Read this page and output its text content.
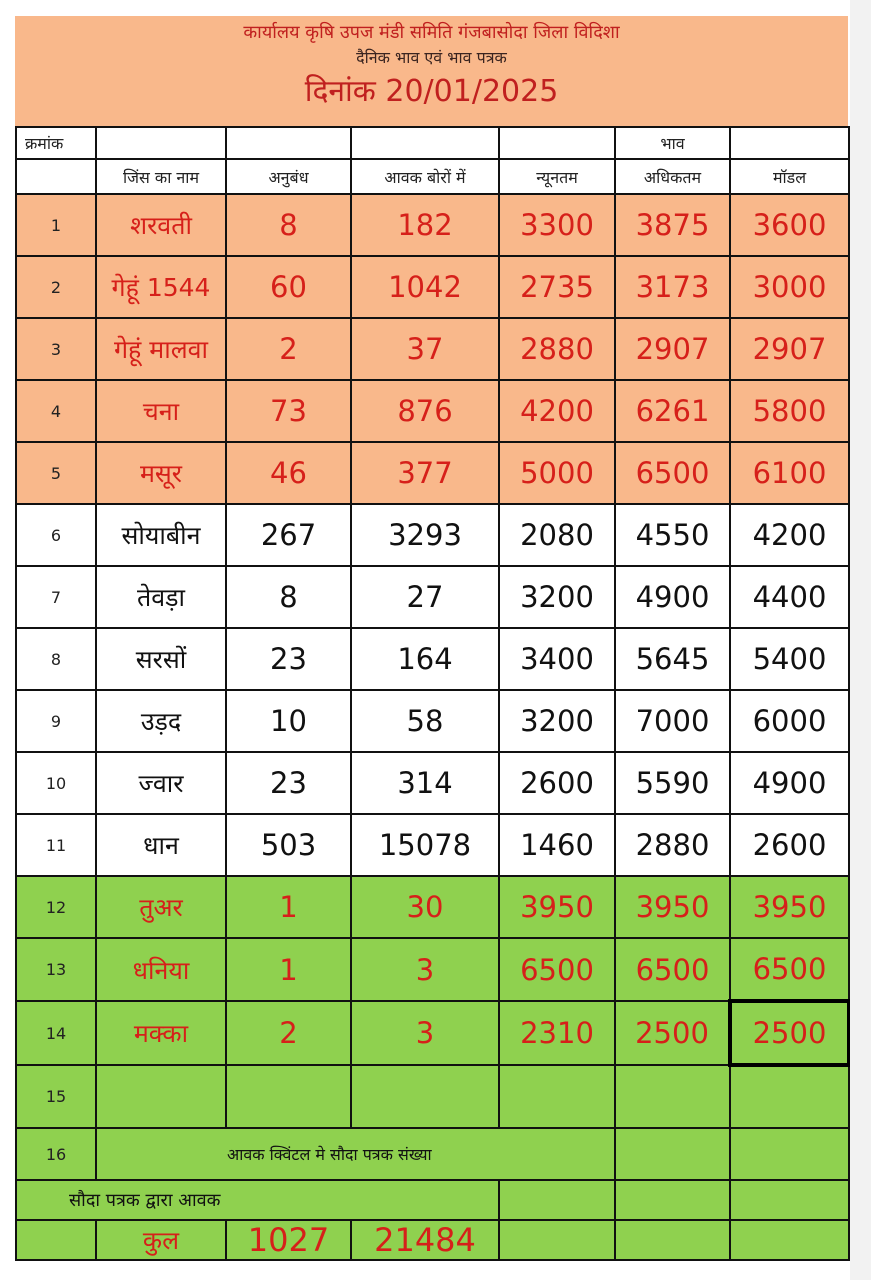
कार्यालय कृषि उपज मंडी समिति गंजबासोदा जिला विदिशा
दैनिक भाव एवं भाव पत्रक
दिनांक 20/01/2025
क्रमांक					भाव	
	जिंस का नाम	अनुबंध	आवक बोरों में	न्यूनतम	अधिकतम	मॉडल
1	शरवती	8	182	3300	3875	3600
2	गेहूं 1544	60	1042	2735	3173	3000
3	गेहूं मालवा	2	37	2880	2907	2907
4	चना	73	876	4200	6261	5800
5	मसूर	46	377	5000	6500	6100
6	सोयाबीन	267	3293	2080	4550	4200
7	तेवड़ा	8	27	3200	4900	4400
8	सरसों	23	164	3400	5645	5400
9	उड़द	10	58	3200	7000	6000
10	ज्वार	23	314	2600	5590	4900
11	धान	503	15078	1460	2880	2600
12	तुअर	1	30	3950	3950	3950
13	धनिया	1	3	6500	6500	6500
14	मक्का	2	3	2310	2500	2500
15						
16	आवक क्विंटल मे सौदा पत्रक संख्या					
सौदा पत्रक द्वारा आवक						
	कुल	1027	21484			
